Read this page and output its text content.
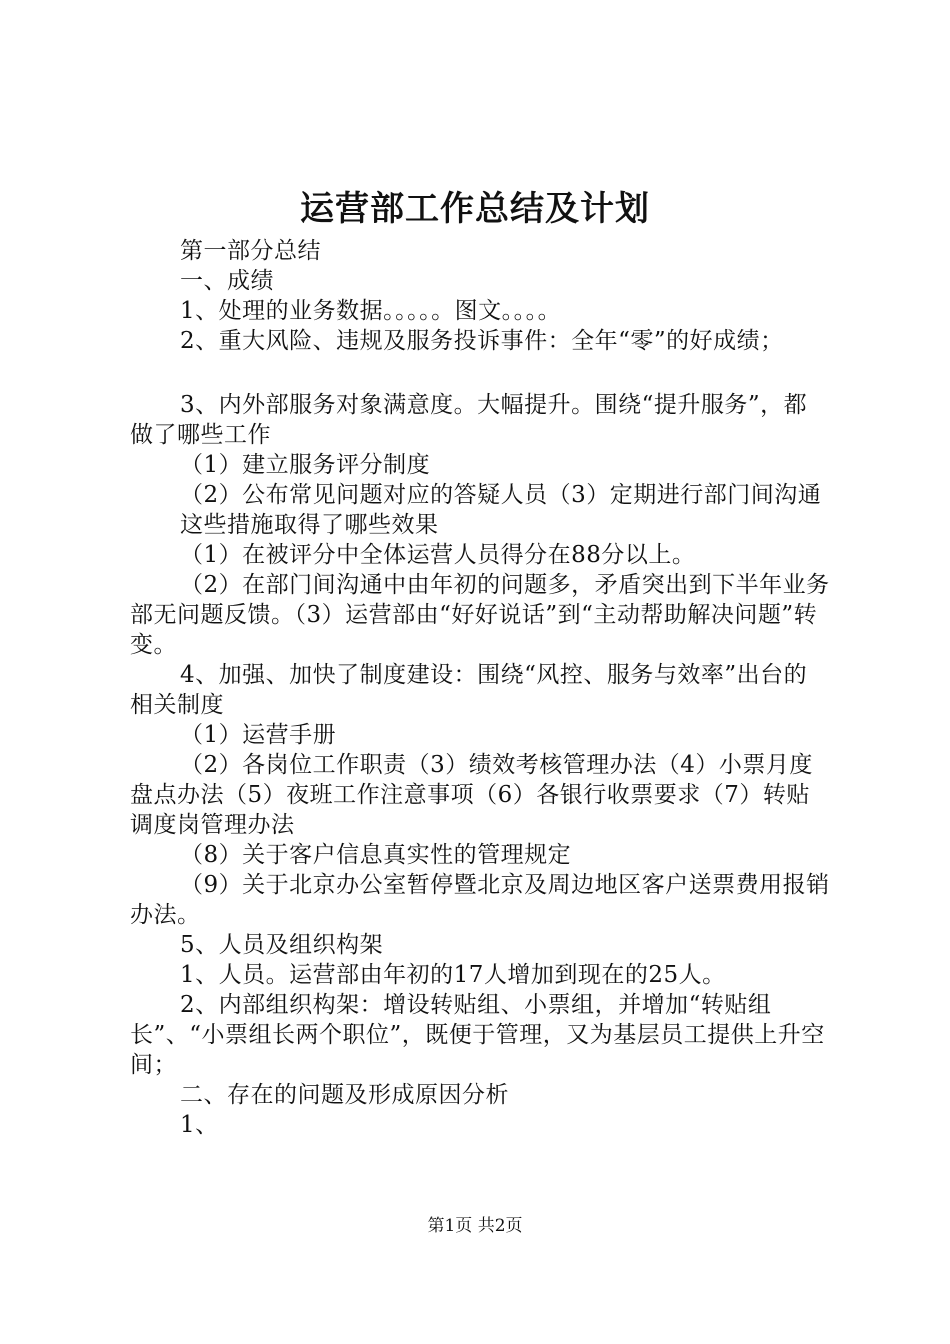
运营部工作总结及计划

第一部分总结

一、成绩

1、处理的业务数据。。。。。图文。。。。

2、重大风险、违规及服务投诉事件：全年“零”的好成绩；

3、内外部服务对象满意度。大幅提升。围绕“提升服务”，都做了哪些工作

（1）建立服务评分制度

（2）公布常见问题对应的答疑人员（3）定期进行部门间沟通

这些措施取得了哪些效果

（1）在被评分中全体运营人员得分在88分以上。

（2）在部门间沟通中由年初的问题多，矛盾突出到下半年业务部无问题反馈。（3）运营部由“好好说话”到“主动帮助解决问题”转变。

4、加强、加快了制度建设：围绕“风控、服务与效率”出台的相关制度

（1）运营手册

（2）各岗位工作职责（3）绩效考核管理办法（4）小票月度盘点办法（5）夜班工作注意事项（6）各银行收票要求（7）转贴调度岗管理办法

（8）关于客户信息真实性的管理规定

（9）关于北京办公室暂停暨北京及周边地区客户送票费用报销办法。

5、人员及组织构架

1、人员。运营部由年初的17人增加到现在的25人。

2、内部组织构架：增设转贴组、小票组，并增加“转贴组长”、“小票组长两个职位”，既便于管理，又为基层员工提供上升空间；

二、存在的问题及形成原因分析

1、

第1页 共2页
